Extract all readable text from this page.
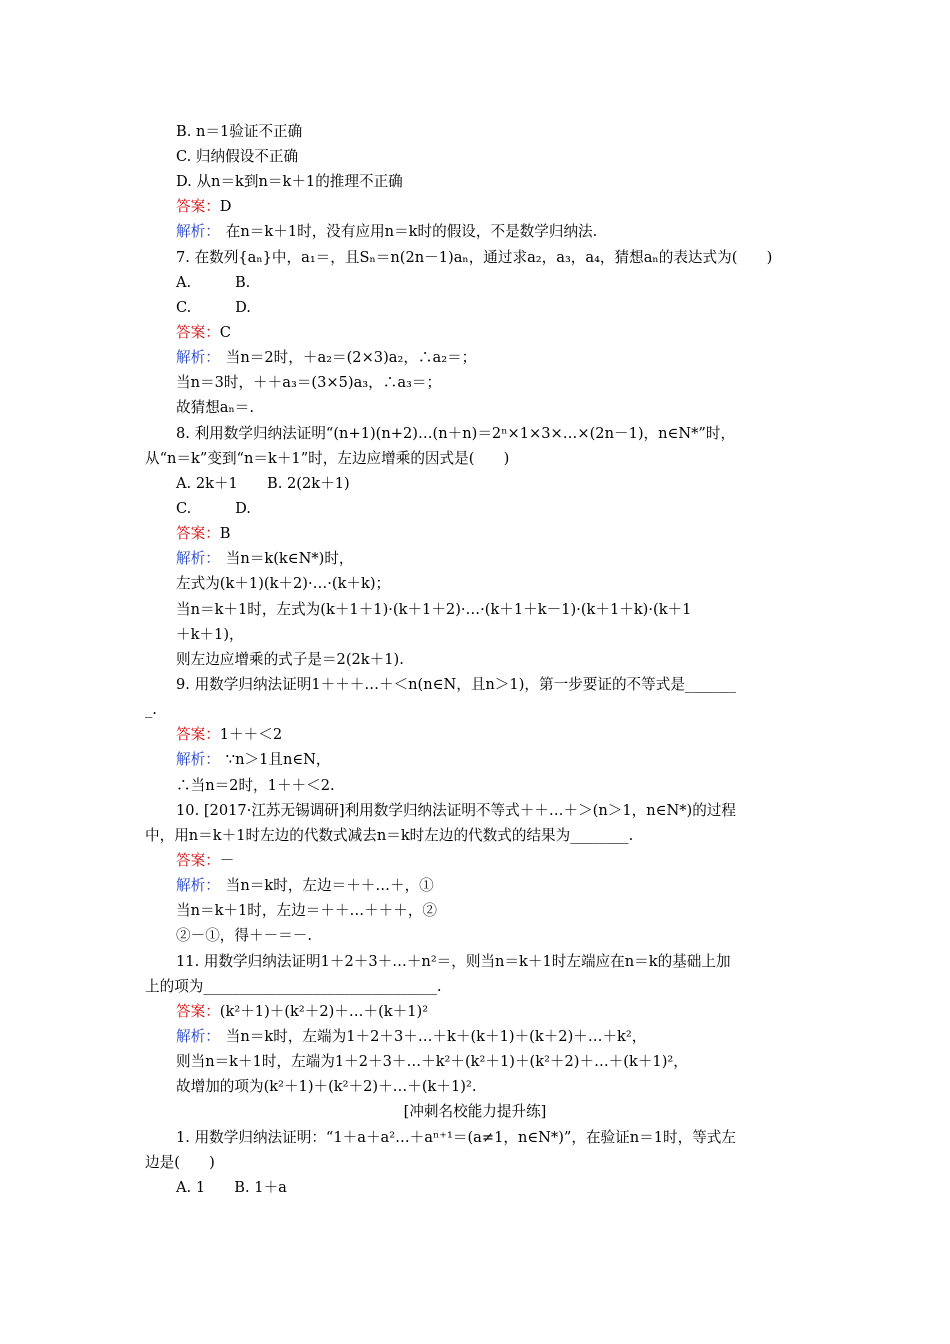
B. n＝1验证不正确
C. 归纳假设不正确
D. 从n＝k到n＝k＋1的推理不正确
答案：D
解析： 在n＝k＋1时，没有应用n＝k时的假设，不是数学归纳法.
7. 在数列{aₙ}中，a₁＝，且Sₙ＝n(2n－1)aₙ，通过求a₂，a₃，a₄，猜想aₙ的表达式为(　　)
A.　　　B.
C.　　　D.
答案：C
解析： 当n＝2时，＋a₂＝(2×3)a₂，∴a₂＝；
当n＝3时，＋＋a₃＝(3×5)a₃，∴a₃＝；
故猜想aₙ＝.
8. 利用数学归纳法证明“(n+1)(n+2)…(n＋n)＝2ⁿ×1×3×…×(2n－1)，n∈N*”时，
从“n＝k”变到“n＝k＋1”时，左边应增乘的因式是(　　)
A. 2k＋1　　B. 2(2k＋1)
C.　　　D.
答案：B
解析： 当n＝k(k∈N*)时，
左式为(k＋1)(k＋2)·…·(k＋k)；
当n＝k＋1时，左式为(k＋1＋1)·(k＋1＋2)·…·(k＋1＋k－1)·(k＋1＋k)·(k＋1
＋k＋1)，
则左边应增乘的式子是＝2(2k＋1).
9. 用数学归纳法证明1＋＋＋…＋＜n(n∈N，且n＞1)，第一步要证的不等式是_______
_.
答案：1＋＋＜2
解析： ∵n＞1且n∈N，
∴当n＝2时，1＋＋＜2.
10. [2017·江苏无锡调研]利用数学归纳法证明不等式＋＋…＋＞(n＞1，n∈N*)的过程
中，用n＝k＋1时左边的代数式减去n＝k时左边的代数式的结果为________.
答案：－
解析： 当n＝k时，左边＝＋＋…＋，①
当n＝k＋1时，左边＝＋＋…＋＋＋，②
②－①，得＋－＝－.
11. 用数学归纳法证明1＋2＋3＋…＋n²＝，则当n＝k＋1时左端应在n＝k的基础上加
上的项为________________________________.
答案：(k²＋1)＋(k²＋2)＋…＋(k＋1)²
解析： 当n＝k时，左端为1＋2＋3＋…＋k＋(k＋1)＋(k＋2)＋…＋k²，
则当n＝k＋1时，左端为1＋2＋3＋…＋k²＋(k²＋1)＋(k²＋2)＋…＋(k＋1)²，
故增加的项为(k²＋1)＋(k²＋2)＋…＋(k＋1)².
[冲刺名校能力提升练]
1. 用数学归纳法证明：“1＋a＋a²…＋aⁿ⁺¹＝(a≠1，n∈N*)”，在验证n＝1时，等式左
边是(　　)
A. 1　　B. 1＋a
